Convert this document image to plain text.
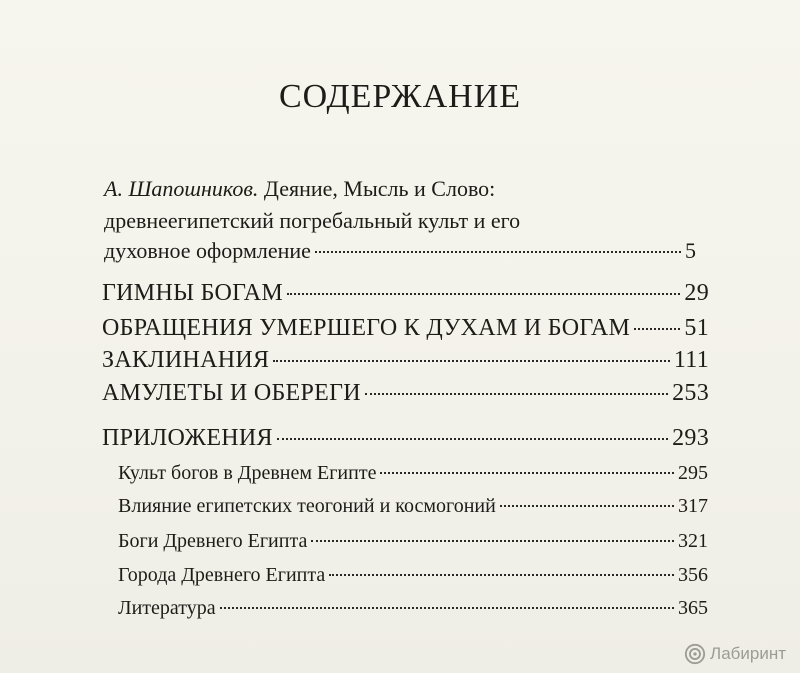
СОДЕРЖАНИЕ
А. Шапошников. Деяние, Мысль и Слово:
древнеегипетский погребальный культ и его
духовное оформление	5
ГИМНЫ БОГАМ	29
ОБРАЩЕНИЯ УМЕРШЕГО К ДУХАМ И БОГАМ 51
ЗАКЛИНАНИЯ	111
АМУЛЕТЫ И ОБЕРЕГИ	253
ПРИЛОЖЕНИЯ	293
Культ богов в Древнем Египте	295
Влияние египетских теогоний и космогоний	317
Боги Древнего Египта	321
Города Древнего Египта	356
Литература	365
Лабиринт
